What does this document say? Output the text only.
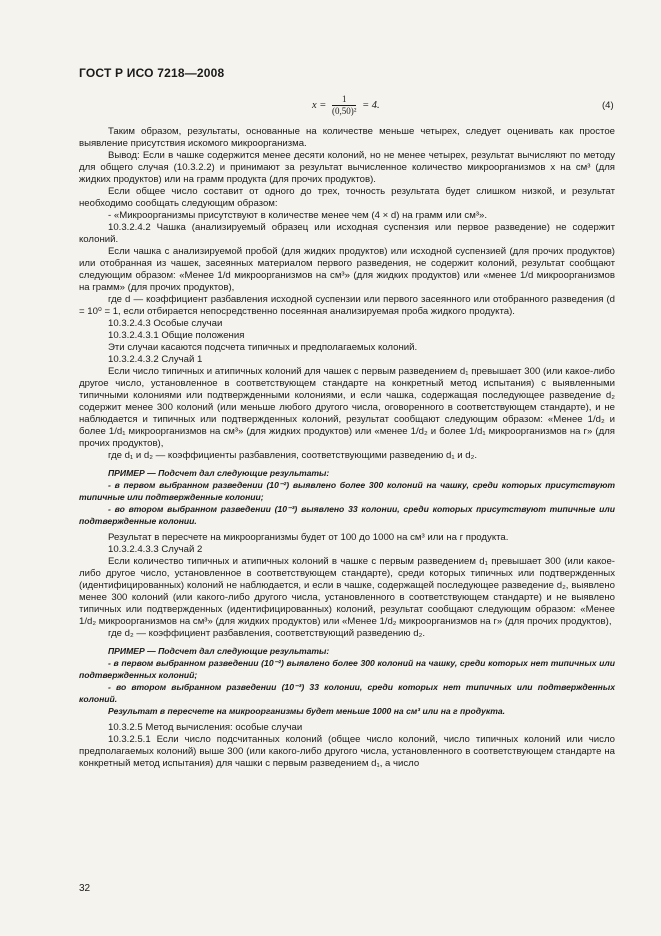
ГОСТ Р ИСО 7218—2008
$x = \frac{1}{\text{(0,50)²}} = 4$.	(4)

Таким образом, результаты, основанные на количестве меньше четырех, следует оценивать как простое выявление присутствия искомого микроорганизма.

Вывод: Если в чашке содержится менее десяти колоний, но не менее четырех, результат вычисляют по методу для общего случая (10.3.2.2) и принимают за результат вычисленное количество микроорганизмов x на см³ (для жидких продуктов) или на грамм продукта (для прочих продуктов).

Если общее число составит от одного до трех, точность результата будет слишком низкой, и результат необходимо сообщать следующим образом:

- «Микроорганизмы присутствуют в количестве менее чем (4 × d) на грамм или см³».

10.3.2.4.2 Чашка (анализируемый образец или исходная суспензия или первое разведение) не содержит колоний.

Если чашка с анализируемой пробой (для жидких продуктов) или исходной суспензией (для прочих продуктов) или отобранная из чашек, засеянных материалом первого разведения, не содержит колоний, результат сообщают следующим образом: «Менее 1/d микроорганизмов на см³» (для жидких продуктов) или «менее 1/d микроорганизмов на грамм» (для прочих продуктов),

где d — коэффициент разбавления исходной суспензии или первого засеянного или отобранного разведения (d = 10⁰ = 1, если отбирается непосредственно посеянная анализируемая проба жидкого продукта).

10.3.2.4.3 Особые случаи

10.3.2.4.3.1 Общие положения

Эти случаи касаются подсчета типичных и предполагаемых колоний.

10.3.2.4.3.2 Случай 1

Если число типичных и атипичных колоний для чашек с первым разведением d₁ превышает 300 (или какое-либо другое число, установленное в соответствующем стандарте на конкретный метод испытания) с выявленными типичными колониями или подтвержденными колониями, и если чашка, содержащая последующее разведение d₂ содержит менее 300 колоний (или меньше любого другого числа, оговоренного в соответствующем стандарте), и не наблюдается и типичных или подтвержденных колоний, результат сообщают следующим образом: «Менее 1/d₂ и более 1/d₁ микроорганизмов на см³» (для жидких продуктов) или «менее 1/d₂ и более 1/d₁ микроорганизмов на г» (для прочих продуктов),

где d₁ и d₂ — коэффициенты разбавления, соответствующими разведению d₁ и d₂.

ПРИМЕР — Подсчет дал следующие результаты:

- в первом выбранном разведении (10⁻²) выявлено более 300 колоний на чашку, среди которых присутствуют типичные или подтвержденные колонии;

- во втором выбранном разведении (10⁻³) выявлено 33 колонии, среди которых присутствуют типичные или подтвержденные колонии.

Результат в пересчете на микроорганизмы будет от 100 до 1000 на см³ или на г продукта.

10.3.2.4.3.3 Случай 2

Если количество типичных и атипичных колоний в чашке с первым разведением d₁ превышает 300 (или какое-либо другое число, установленное в соответствующем стандарте), среди которых типичных или подтвержденных (идентифицированных) колоний не наблюдается, и если в чашке, содержащей последующее разведение d₂, выявлено менее 300 колоний (или какого-либо другого числа, установленного в соответствующем стандарте) и не выявлено типичных или подтвержденных (идентифицированных) колоний, результат сообщают следующим образом: «Менее 1/d₂ микроорганизмов на см³» (для жидких продуктов) или «Менее 1/d₂ микроорганизмов на г» (для прочих продуктов),

где d₂ — коэффициент разбавления, соответствующий разведению d₂.

ПРИМЕР — Подсчет дал следующие результаты:

- в первом выбранном разведении (10⁻²) выявлено более 300 колоний на чашку, среди которых нет типичных или подтвержденных колоний;

- во втором выбранном разведении (10⁻³) 33 колонии, среди которых нет типичных или подтвержденных колоний.

Результат в пересчете на микроорганизмы будет меньше 1000 на см³ или на г продукта.

10.3.2.5 Метод вычисления: особые случаи

10.3.2.5.1 Если число подсчитанных колоний (общее число колоний, число типичных колоний или число предполагаемых колоний) выше 300 (или какого-либо другого числа, установленного в соответствующем стандарте на конкретный метод испытания) для чашки с первым разведением d₁, а число

32
